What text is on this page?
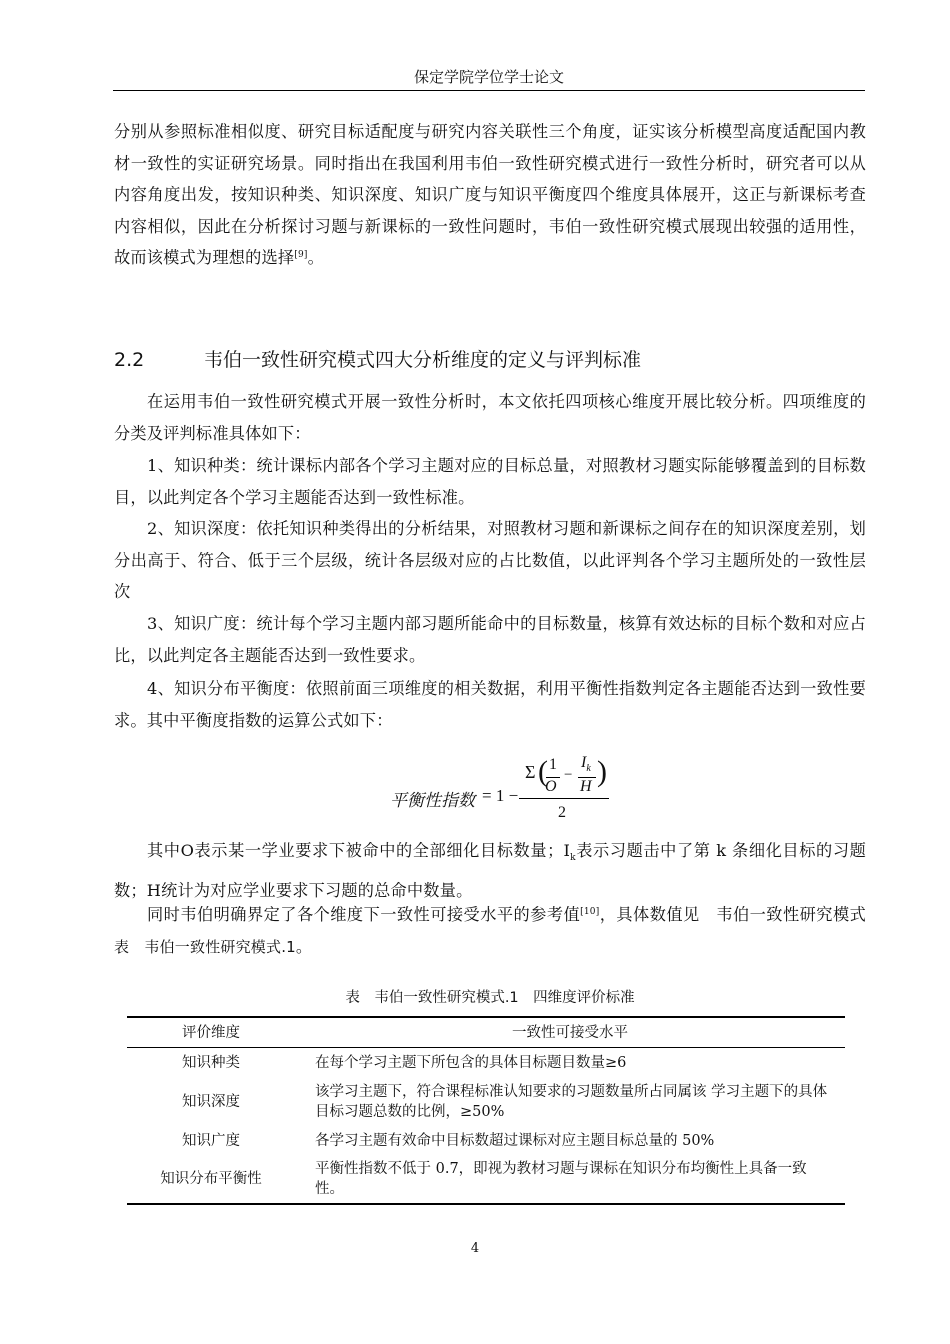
保定学院学位学士论文

分别从参照标准相似度、研究目标适配度与研究内容关联性三个角度，证实该分析模型高度适配国内教材一致性的实证研究场景。同时指出在我国利用韦伯一致性研究模式进行一致性分析时，研究者可以从内容角度出发，按知识种类、知识深度、知识广度与知识平衡度四个维度具体展开，这正与新课标考查内容相似，因此在分析探讨习题与新课标的一致性问题时，韦伯一致性研究模式展现出较强的适用性，故而该模式为理想的选择[9]。

2.2	韦伯一致性研究模式四大分析维度的定义与评判标准

在运用韦伯一致性研究模式开展一致性分析时，本文依托四项核心维度开展比较分析。四项维度的分类及评判标准具体如下：

1、知识种类：统计课标内部各个学习主题对应的目标总量，对照教材习题实际能够覆盖到的目标数目，以此判定各个学习主题能否达到一致性标准。

2、知识深度：依托知识种类得出的分析结果，对照教材习题和新课标之间存在的知识深度差别，划分出高于、符合、低于三个层级，统计各层级对应的占比数值，以此评判各个学习主题所处的一致性层次

3、知识广度：统计每个学习主题内部习题所能命中的目标数量，核算有效达标的目标个数和对应占比，以此判定各主题能否达到一致性要求。

4、知识分布平衡度：依照前面三项维度的相关数据，利用平衡性指数判定各主题能否达到一致性要求。其中平衡度指数的运算公式如下：

平衡性指数 = 1 −
Σ ( 1
O
−
$I_k$
H )
2

其中O表示某一学业要求下被命中的全部细化目标数量；$I_k$表示习题击中了第 k 条细化目标的习题数；H统计为对应学业要求下习题的总命中数量。

同时韦伯明确界定了各个维度下一致性可接受水平的参考值[10]，具体数值见　韦伯一致性研究模式表　韦伯一致性研究模式.1。

表　韦伯一致性研究模式.1　四维度评价标准
评价维度	一致性可接受水平
知识种类	在每个学习主题下所包含的具体目标题目数量≥6
知识深度	该学习主题下，符合课程标准认知要求的习题数量所占同属该 学习主题下的具体目标习题总数的比例，≥50%
知识广度	各学习主题有效命中目标数超过课标对应主题目标总量的 50%
知识分布平衡性	平衡性指数不低于 0.7，即视为教材习题与课标在知识分布均衡性上具备一致性。
4
